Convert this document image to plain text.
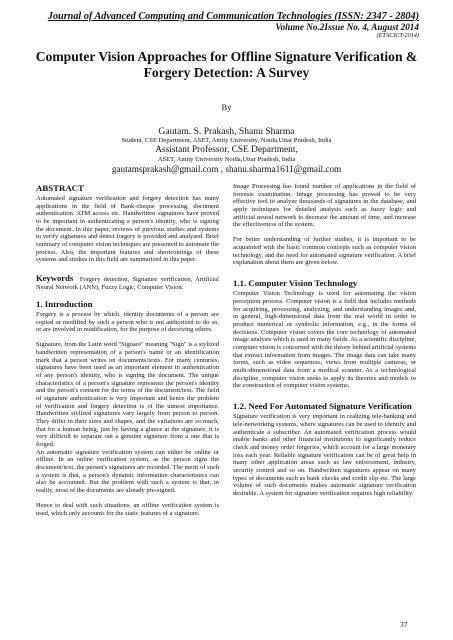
Journal of Advanced Computing and Communication Technologies (ISSN: 2347 - 2804)
Volume No.2Issue No. 4, August 2014
(ETACICT-2014)
Computer Vision Approaches for Offline Signature Verification & Forgery Detection: A Survey
By
Gautam. S. Prakash, Shanu Sharma
Student, CSE Department, ASET, Amity University, Noida,Uttar Pradesh, India
Assistant Professor, CSE Department,
ASET, Amity University Noida,Uttar Pradesh, India
gautamsprakash@gmail.com , shanu.sharma1611@gmail.com
ABSTRACT

Automated signature verification and forgery detection has many applications in the field of Bank-cheque processing, document authentication. ATM access etc. Handwritten signatures have proved to be important in authenticating a person's identity, who is signing the document. In this paper, reviews of previous studies and systems to verify signatures and detect forgery is provided and analyzed. Brief summary of computer vision techniques are presented to automate the process. Also, the important features and shortcomings of these systems and studies in this field are summarized in this paper.

Keywords Forgery detection, Signature verification, Artificial Neural Network (ANN), Fuzzy Logic, Computer Vision.

1. Introduction

Forgery is a process by which, identity documents of a person are copied or modified by such a person who is not authorized to do so, or are involved in modification, for the purpose of deceiving others.

Signature, from the Latin word "Signare" meaning "Sign" is a stylized handwritten representation of a person's name or an identification mark that a person writes on documents/texts. For many centuries, signatures have been used as an important element in authentication of any person's identity, who is signing the document. The unique characteristics of a person's signature represents the person's identity and the person's consent for the terms of the document/text. The field of signature authentication is very important and hence the problem of verification and forgery detection is of the utmost importance. Handwritten stylized signatures vary largely from person to person. They differ in their sizes and shapes, and the variations are so much, that for a human being, just by having a glance at the signature, it is very difficult to separate out a genuine signature from a one that is forged.

An automatic signature verification system can either be online or offline. In an online verification system, as the person signs the document/text, the person's signatures are recorded. The merit of such a system is that, a person's dynamic information characteristics can also be accounted. But the problem with such a system is that, in reality, most of the documents are already pre-signed.

Hence to deal with such situations, an offline verification system is used, which only accounts for the static features of a signature.

Image Processing has found number of applications in the field of forensic examination. Image processing has proved to be very effective tool to analyze thousands of signatures in the database, and apply techniques for detailed analysis such as fuzzy logic and artificial neural network to decrease the amount of time, and increase the effectiveness of the system.

For better understanding of further studies, it is important to be acquainted with the basic common concepts such as computer vision technology, and the need for automated signature verification. A brief explanation about them are given below.

1.1. Computer Vision Technology

Computer Vision Technology is used for automating the vision perception process. Computer vision is a field that includes methods for acquiring, processing, analyzing, and understanding images and, in general, high-dimensional data from the real world in order to produce numerical or symbolic information, e.g., in the forms of decisions. Computer vision covers the core technology of automated image analysis which is used in many fields. As a scientific discipline, computer vision is concerned with the theory behind artificial systems that extract information from images. The image data can take many forms, such as video sequences, views from multiple cameras, or multi-dimensional data from a medical scanner. As a technological discipline, computer vision seeks to apply its theories and models to the construction of computer vision systems.

1.2. Need For Automated Signature Verification

Signature verification is very important in realizing tele-banking and tele-networking systems, where signatures can be used to identify and authenticate a subscriber. An automated verification process would enable banks and other financial institutions to significantly reduce check and money order forgeries, which account for a large monetary loss each year. Reliable signature verification can be of great help in many other application areas such as law enforcement, industry, security control and so on. Handwritten signatures appear on many types of documents such as bank checks and credit slip etc. The large volume of such documents makes automatic signature verification desirable. A system for signature verification requires high reliability.

37
